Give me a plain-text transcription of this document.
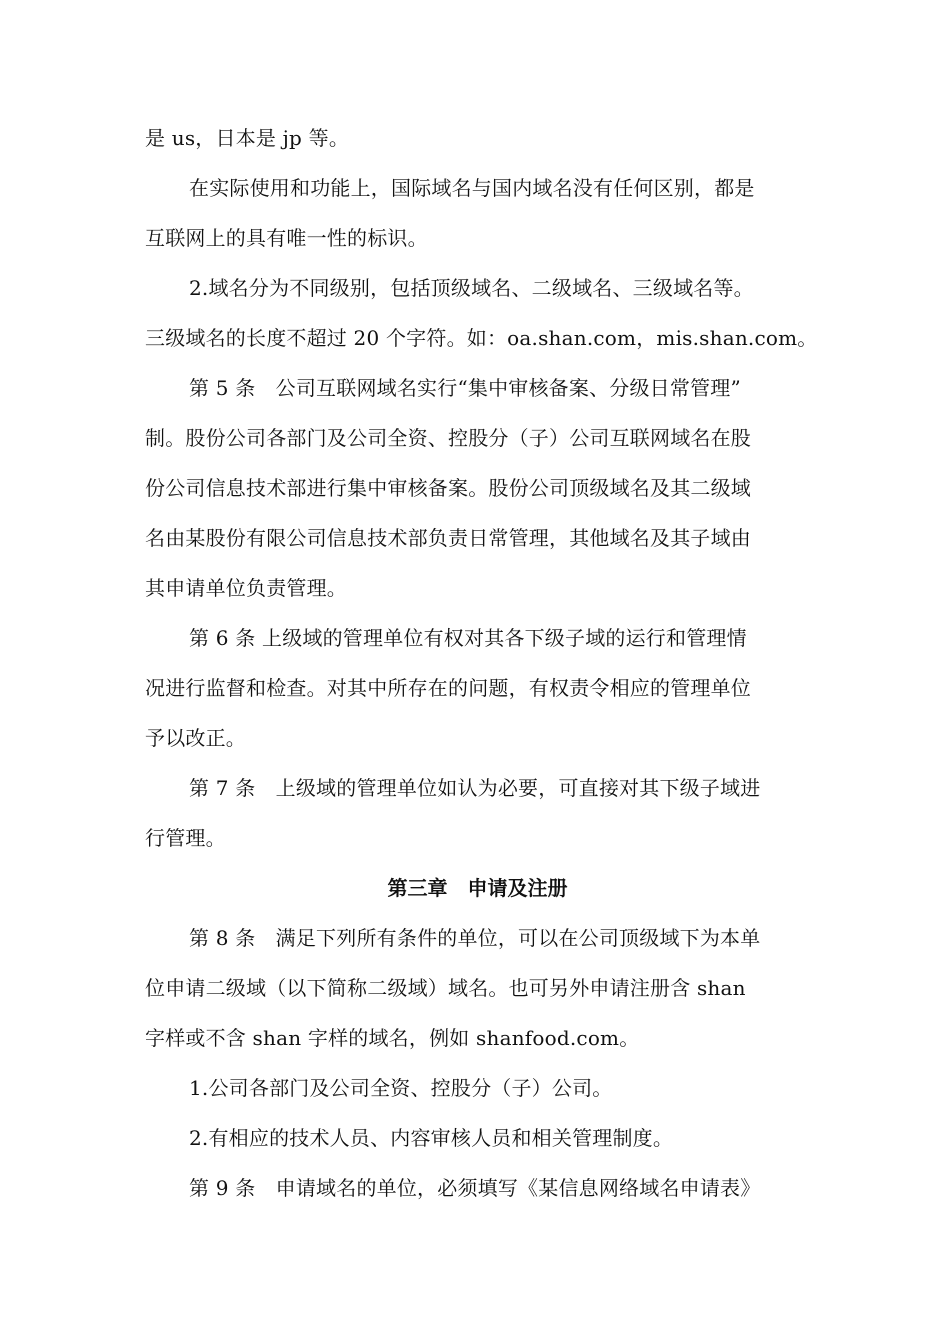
是 us，日本是 jp 等。

在实际使用和功能上，国际域名与国内域名没有任何区别，都是

互联网上的具有唯一性的标识。

2.域名分为不同级别，包括顶级域名、二级域名、三级域名等。

三级域名的长度不超过 20 个字符。如：oa.shan.com，mis.shan.com。

第 5 条　公司互联网域名实行“集中审核备案、分级日常管理”

制。股份公司各部门及公司全资、控股分（子）公司互联网域名在股

份公司信息技术部进行集中审核备案。股份公司顶级域名及其二级域

名由某股份有限公司信息技术部负责日常管理，其他域名及其子域由

其申请单位负责管理。

第 6 条 上级域的管理单位有权对其各下级子域的运行和管理情

况进行监督和检查。对其中所存在的问题，有权责令相应的管理单位

予以改正。

第 7 条　上级域的管理单位如认为必要，可直接对其下级子域进

行管理。

第三章　申请及注册

第 8 条　满足下列所有条件的单位，可以在公司顶级域下为本单

位申请二级域（以下简称二级域）域名。也可另外申请注册含 shan

字样或不含 shan 字样的域名，例如 shanfood.com。

1.公司各部门及公司全资、控股分（子）公司。

2.有相应的技术人员、内容审核人员和相关管理制度。

第 9 条　申请域名的单位，必须填写《某信息网络域名申请表》
